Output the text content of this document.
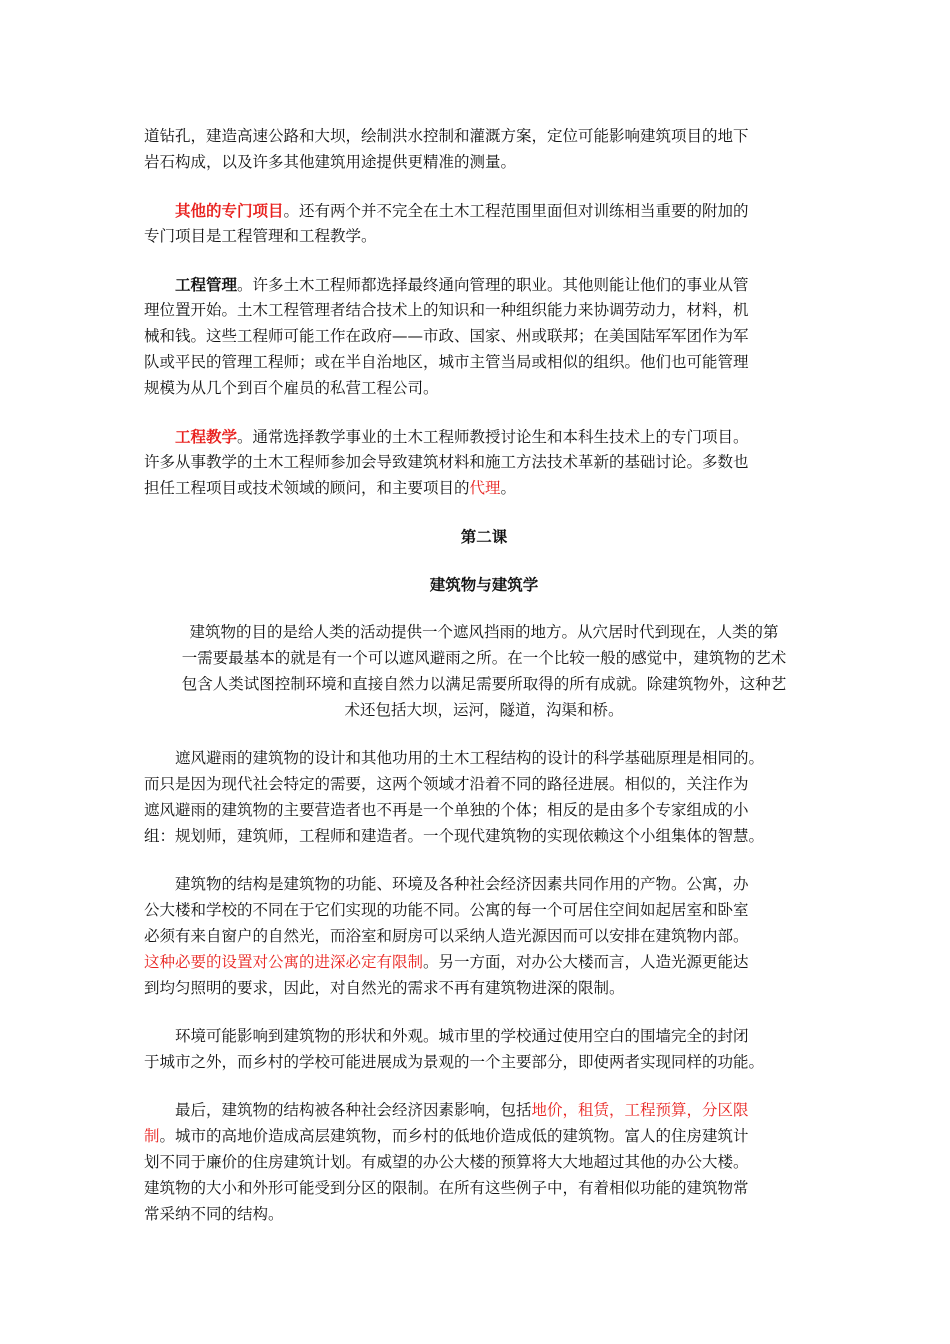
道钻孔，建造高速公路和大坝，绘制洪水控制和灌溉方案，定位可能影响建筑项目的地下
岩石构成，以及许多其他建筑用途提供更精准的测量。
　　其他的专门项目。还有两个并不完全在土木工程范围里面但对训练相当重要的附加的
专门项目是工程管理和工程教学。
　　工程管理。许多土木工程师都选择最终通向管理的职业。其他则能让他们的事业从管
理位置开始。土木工程管理者结合技术上的知识和一种组织能力来协调劳动力，材料，机
械和钱。这些工程师可能工作在政府——市政、国家、州或联邦；在美国陆军军团作为军
队或平民的管理工程师；或在半自治地区，城市主管当局或相似的组织。他们也可能管理
规模为从几个到百个雇员的私营工程公司。
　　工程教学。通常选择教学事业的土木工程师教授讨论生和本科生技术上的专门项目。
许多从事教学的土木工程师参加会导致建筑材料和施工方法技术革新的基础讨论。多数也
担任工程项目或技术领域的顾问，和主要项目的代理。
第二课
建筑物与建筑学
建筑物的目的是给人类的活动提供一个遮风挡雨的地方。从穴居时代到现在，人类的第
一需要最基本的就是有一个可以遮风避雨之所。在一个比较一般的感觉中，建筑物的艺术
包含人类试图控制环境和直接自然力以满足需要所取得的所有成就。除建筑物外，这种艺
术还包括大坝，运河，隧道，沟渠和桥。
　　遮风避雨的建筑物的设计和其他功用的土木工程结构的设计的科学基础原理是相同的。
而只是因为现代社会特定的需要，这两个领域才沿着不同的路径进展。相似的，关注作为
遮风避雨的建筑物的主要营造者也不再是一个单独的个体；相反的是由多个专家组成的小
组：规划师，建筑师，工程师和建造者。一个现代建筑物的实现依赖这个小组集体的智慧。
　　建筑物的结构是建筑物的功能、环境及各种社会经济因素共同作用的产物。公寓，办
公大楼和学校的不同在于它们实现的功能不同。公寓的每一个可居住空间如起居室和卧室
必须有来自窗户的自然光，而浴室和厨房可以采纳人造光源因而可以安排在建筑物内部。
这种必要的设置对公寓的进深必定有限制。另一方面，对办公大楼而言，人造光源更能达
到均匀照明的要求，因此，对自然光的需求不再有建筑物进深的限制。
　　环境可能影响到建筑物的形状和外观。城市里的学校通过使用空白的围墙完全的封闭
于城市之外，而乡村的学校可能进展成为景观的一个主要部分，即使两者实现同样的功能。
　　最后，建筑物的结构被各种社会经济因素影响，包括地价，租赁，工程预算，分区限
制。城市的高地价造成高层建筑物，而乡村的低地价造成低的建筑物。富人的住房建筑计
划不同于廉价的住房建筑计划。有威望的办公大楼的预算将大大地超过其他的办公大楼。
建筑物的大小和外形可能受到分区的限制。在所有这些例子中，有着相似功能的建筑物常
常采纳不同的结构。
